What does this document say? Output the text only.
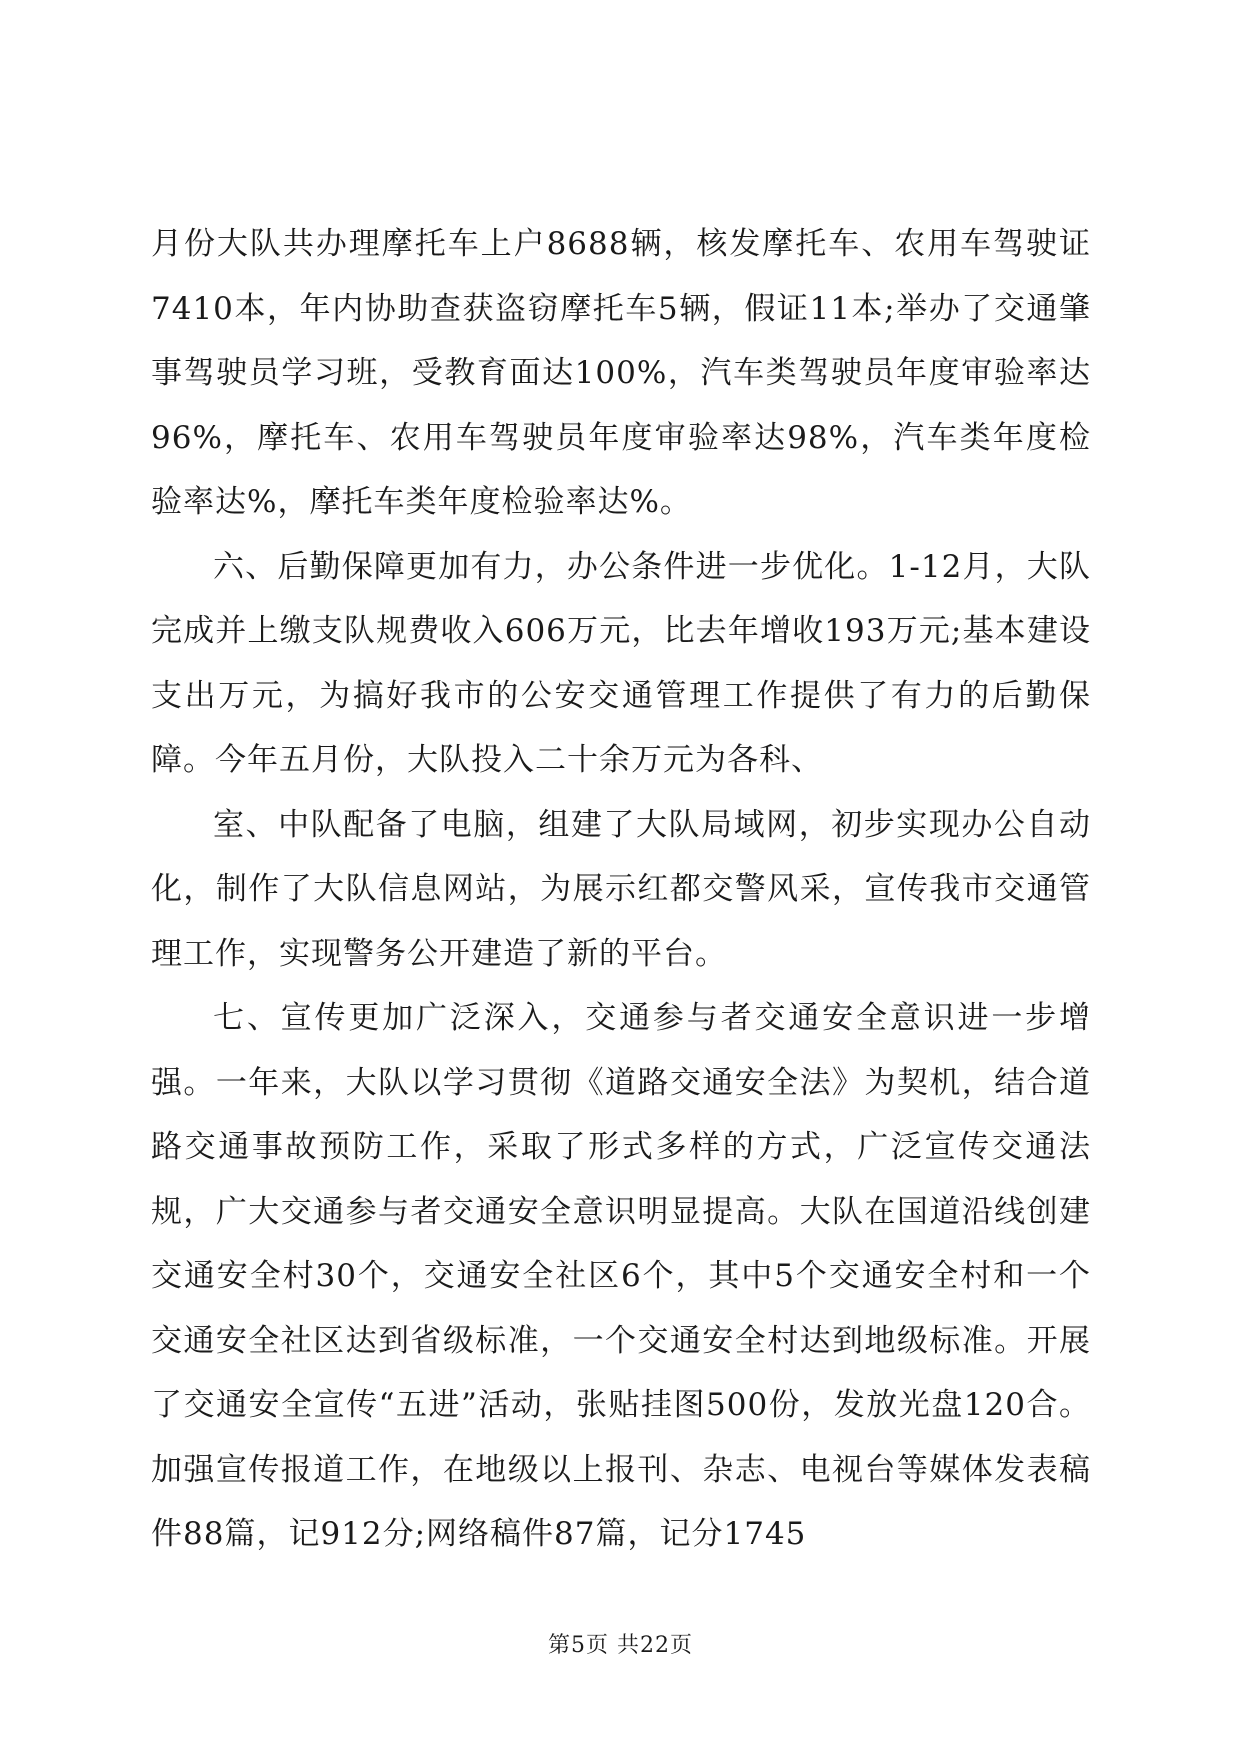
月份大队共办理摩托车上户8688辆，核发摩托车、农用车驾驶证7410本，年内协助查获盗窃摩托车5辆，假证11本;举办了交通肇事驾驶员学习班，受教育面达100%，汽车类驾驶员年度审验率达96%，摩托车、农用车驾驶员年度审验率达98%，汽车类年度检验率达%，摩托车类年度检验率达%。

六、后勤保障更加有力，办公条件进一步优化。1-12月，大队完成并上缴支队规费收入606万元，比去年增收193万元;基本建设支出万元，为搞好我市的公安交通管理工作提供了有力的后勤保障。今年五月份，大队投入二十余万元为各科、

室、中队配备了电脑，组建了大队局域网，初步实现办公自动化，制作了大队信息网站，为展示红都交警风采，宣传我市交通管理工作，实现警务公开建造了新的平台。

七、宣传更加广泛深入，交通参与者交通安全意识进一步增强。一年来，大队以学习贯彻《道路交通安全法》为契机，结合道路交通事故预防工作，采取了形式多样的方式，广泛宣传交通法规，广大交通参与者交通安全意识明显提高。大队在国道沿线创建交通安全村30个，交通安全社区6个，其中5个交通安全村和一个交通安全社区达到省级标准，一个交通安全村达到地级标准。开展了交通安全宣传“五进”活动，张贴挂图500份，发放光盘120合。加强宣传报道工作，在地级以上报刊、杂志、电视台等媒体发表稿件88篇，记912分;网络稿件87篇，记分1745

第5页 共22页
